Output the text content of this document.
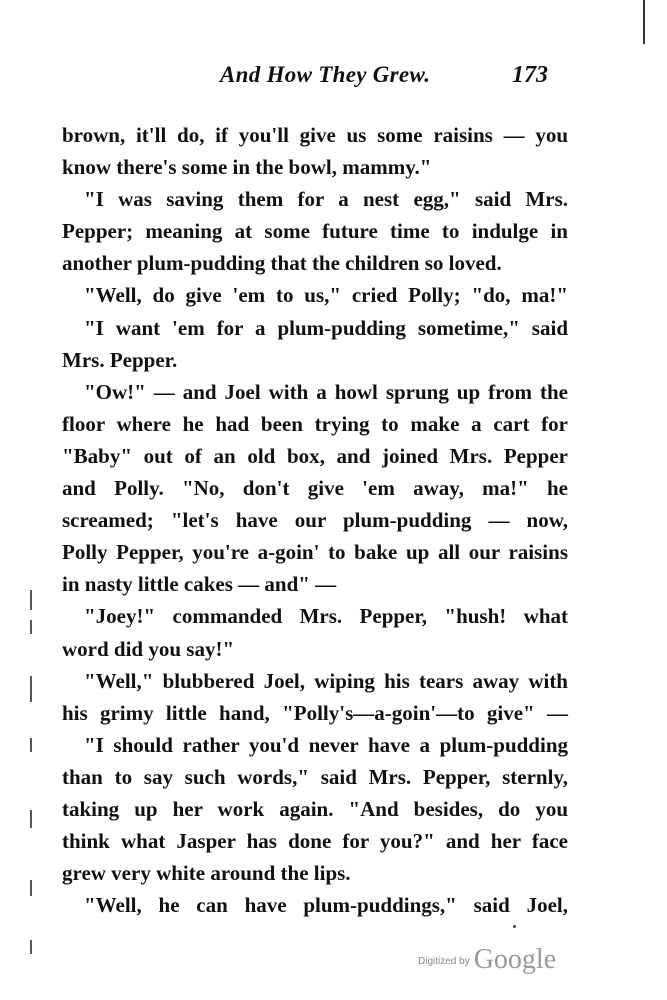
And How They Grew.	173
brown, it'll do, if you'll give us some raisins — you
know there's some in the bowl, mammy."
"I was saving them for a nest egg," said Mrs.
Pepper; meaning at some future time to indulge in
another plum-pudding that the children so loved.
"Well, do give 'em to us," cried Polly; "do, ma!"
"I want 'em for a plum-pudding sometime," said
Mrs. Pepper.
"Ow!" — and Joel with a howl sprung up from the
floor where he had been trying to make a cart for
"Baby" out of an old box, and joined Mrs. Pepper
and Polly. "No, don't give 'em away, ma!" he
screamed; "let's have our plum-pudding — now,
Polly Pepper, you're a-goin' to bake up all our raisins
in nasty little cakes — and" —
"Joey!" commanded Mrs. Pepper, "hush! what
word did you say!"
"Well," blubbered Joel, wiping his tears away with
his grimy little hand, "Polly's—a-goin'—to give" —
"I should rather you'd never have a plum-pudding
than to say such words," said Mrs. Pepper, sternly,
taking up her work again. "And besides, do you
think what Jasper has done for you?" and her face
grew very white around the lips.
"Well, he can have plum-puddings," said Joel,
$^{Digitized by}$ Google
